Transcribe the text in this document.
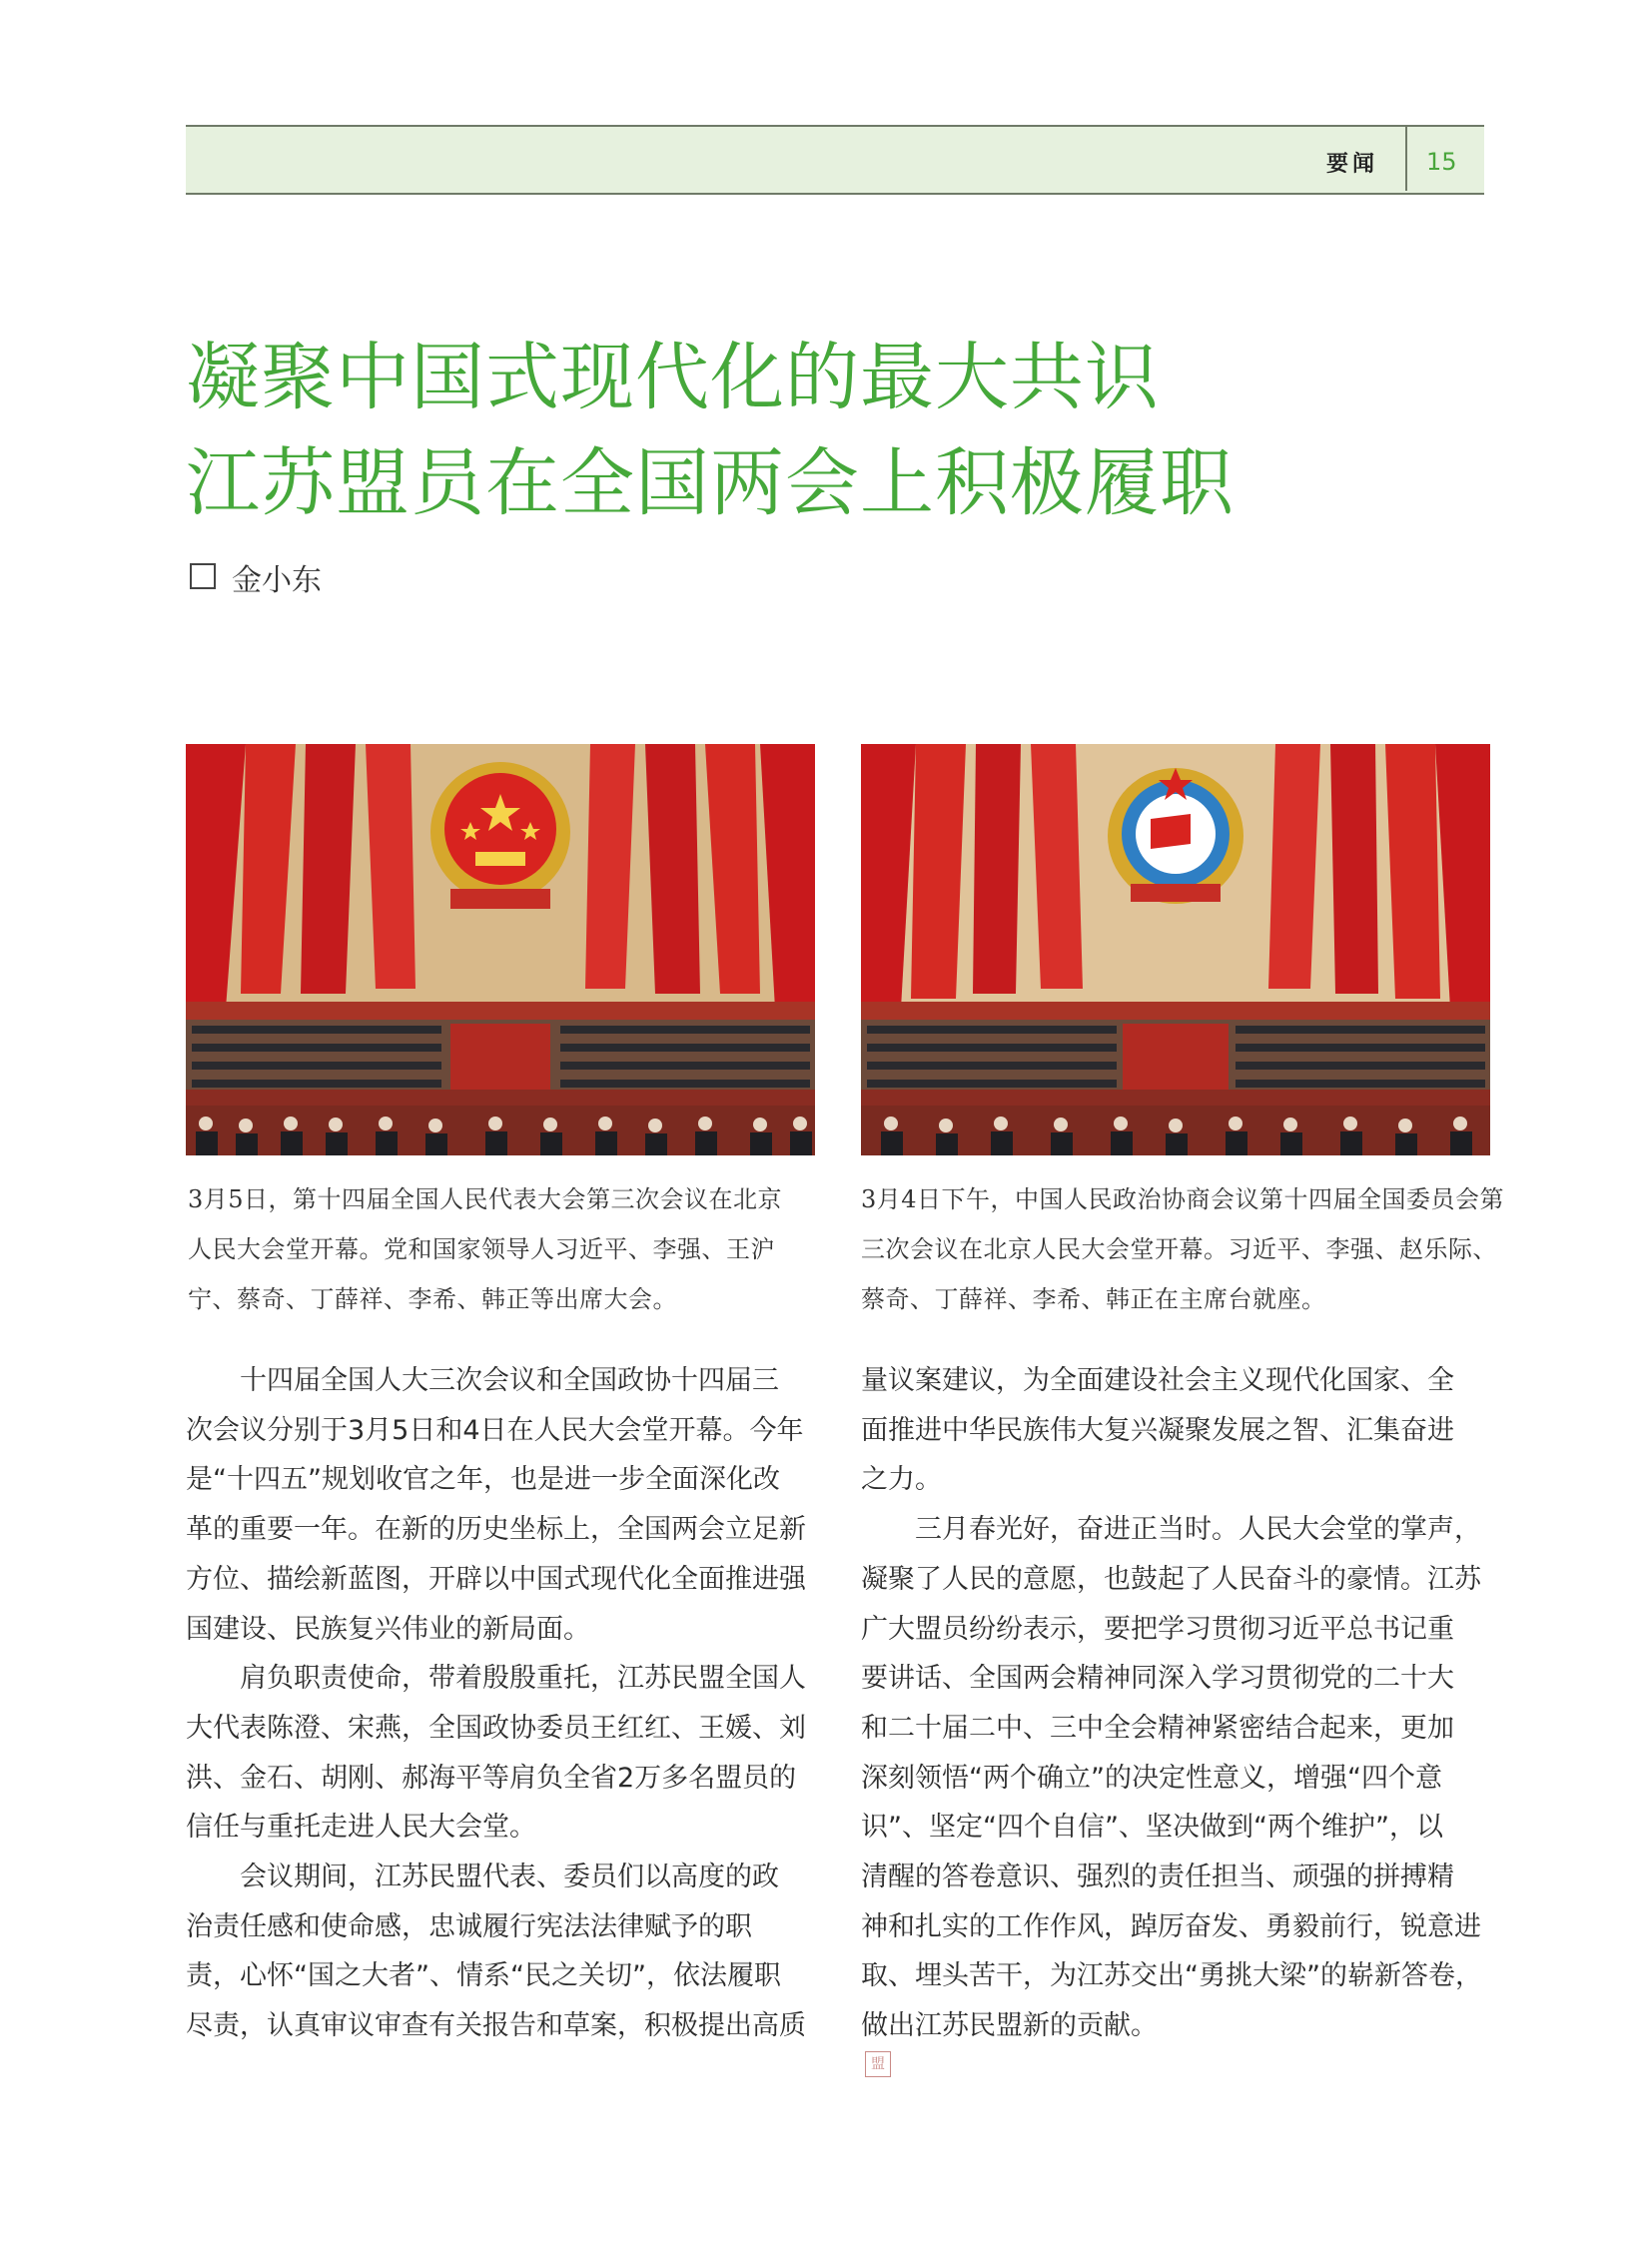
要闻 15
凝聚中国式现代化的最大共识
江苏盟员在全国两会上积极履职
金小东
3月5日，第十四届全国人民代表大会第三次会议在北京
人民大会堂开幕。党和国家领导人习近平、李强、王沪
宁、蔡奇、丁薛祥、李希、韩正等出席大会。
3月4日下午，中国人民政治协商会议第十四届全国委员会第
三次会议在北京人民大会堂开幕。习近平、李强、赵乐际、
蔡奇、丁薛祥、李希、韩正在主席台就座。
　　十四届全国人大三次会议和全国政协十四届三
次会议分别于3月5日和4日在人民大会堂开幕。今年
是“十四五”规划收官之年，也是进一步全面深化改
革的重要一年。在新的历史坐标上，全国两会立足新
方位、描绘新蓝图，开辟以中国式现代化全面推进强
国建设、民族复兴伟业的新局面。
　　肩负职责使命，带着殷殷重托，江苏民盟全国人
大代表陈澄、宋燕，全国政协委员王红红、王媛、刘
洪、金石、胡刚、郝海平等肩负全省2万多名盟员的
信任与重托走进人民大会堂。
　　会议期间，江苏民盟代表、委员们以高度的政
治责任感和使命感，忠诚履行宪法法律赋予的职
责，心怀“国之大者”、情系“民之关切”，依法履职
尽责，认真审议审查有关报告和草案，积极提出高质
量议案建议，为全面建设社会主义现代化国家、全
面推进中华民族伟大复兴凝聚发展之智、汇集奋进
之力。
　　三月春光好，奋进正当时。人民大会堂的掌声，
凝聚了人民的意愿，也鼓起了人民奋斗的豪情。江苏
广大盟员纷纷表示，要把学习贯彻习近平总书记重
要讲话、全国两会精神同深入学习贯彻党的二十大
和二十届二中、三中全会精神紧密结合起来，更加
深刻领悟“两个确立”的决定性意义，增强“四个意
识”、坚定“四个自信”、坚决做到“两个维护”，以
清醒的答卷意识、强烈的责任担当、顽强的拼搏精
神和扎实的工作作风，踔厉奋发、勇毅前行，锐意进
取、埋头苦干，为江苏交出“勇挑大梁”的崭新答卷，
做出江苏民盟新的贡献。
盟
